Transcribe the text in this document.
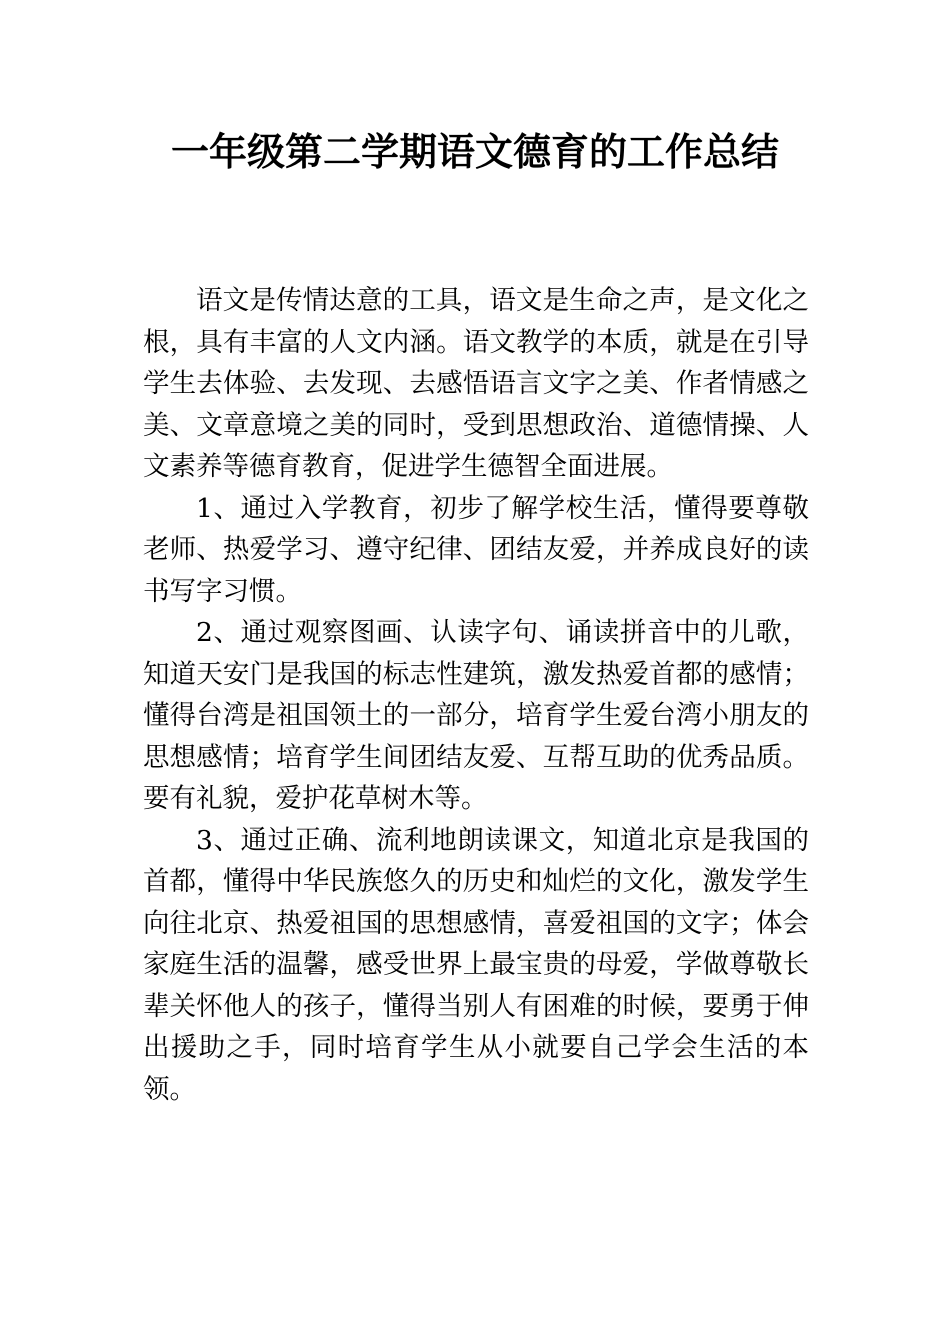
一年级第二学期语文德育的工作总结

语文是传情达意的工具，语文是生命之声，是文化之根，具有丰富的人文内涵。语文教学的本质，就是在引导学生去体验、去发现、去感悟语言文字之美、作者情感之美、文章意境之美的同时，受到思想政治、道德情操、人文素养等德育教育，促进学生德智全面进展。

1、通过入学教育，初步了解学校生活，懂得要尊敬老师、热爱学习、遵守纪律、团结友爱，并养成良好的读书写字习惯。

2、通过观察图画、认读字句、诵读拼音中的儿歌，知道天安门是我国的标志性建筑，激发热爱首都的感情；懂得台湾是祖国领土的一部分，培育学生爱台湾小朋友的思想感情；培育学生间团结友爱、互帮互助的优秀品质。要有礼貌，爱护花草树木等。

3、通过正确、流利地朗读课文，知道北京是我国的首都，懂得中华民族悠久的历史和灿烂的文化，激发学生向往北京、热爱祖国的思想感情，喜爱祖国的文字；体会家庭生活的温馨，感受世界上最宝贵的母爱，学做尊敬长辈关怀他人的孩子，懂得当别人有困难的时候，要勇于伸出援助之手，同时培育学生从小就要自己学会生活的本领。
